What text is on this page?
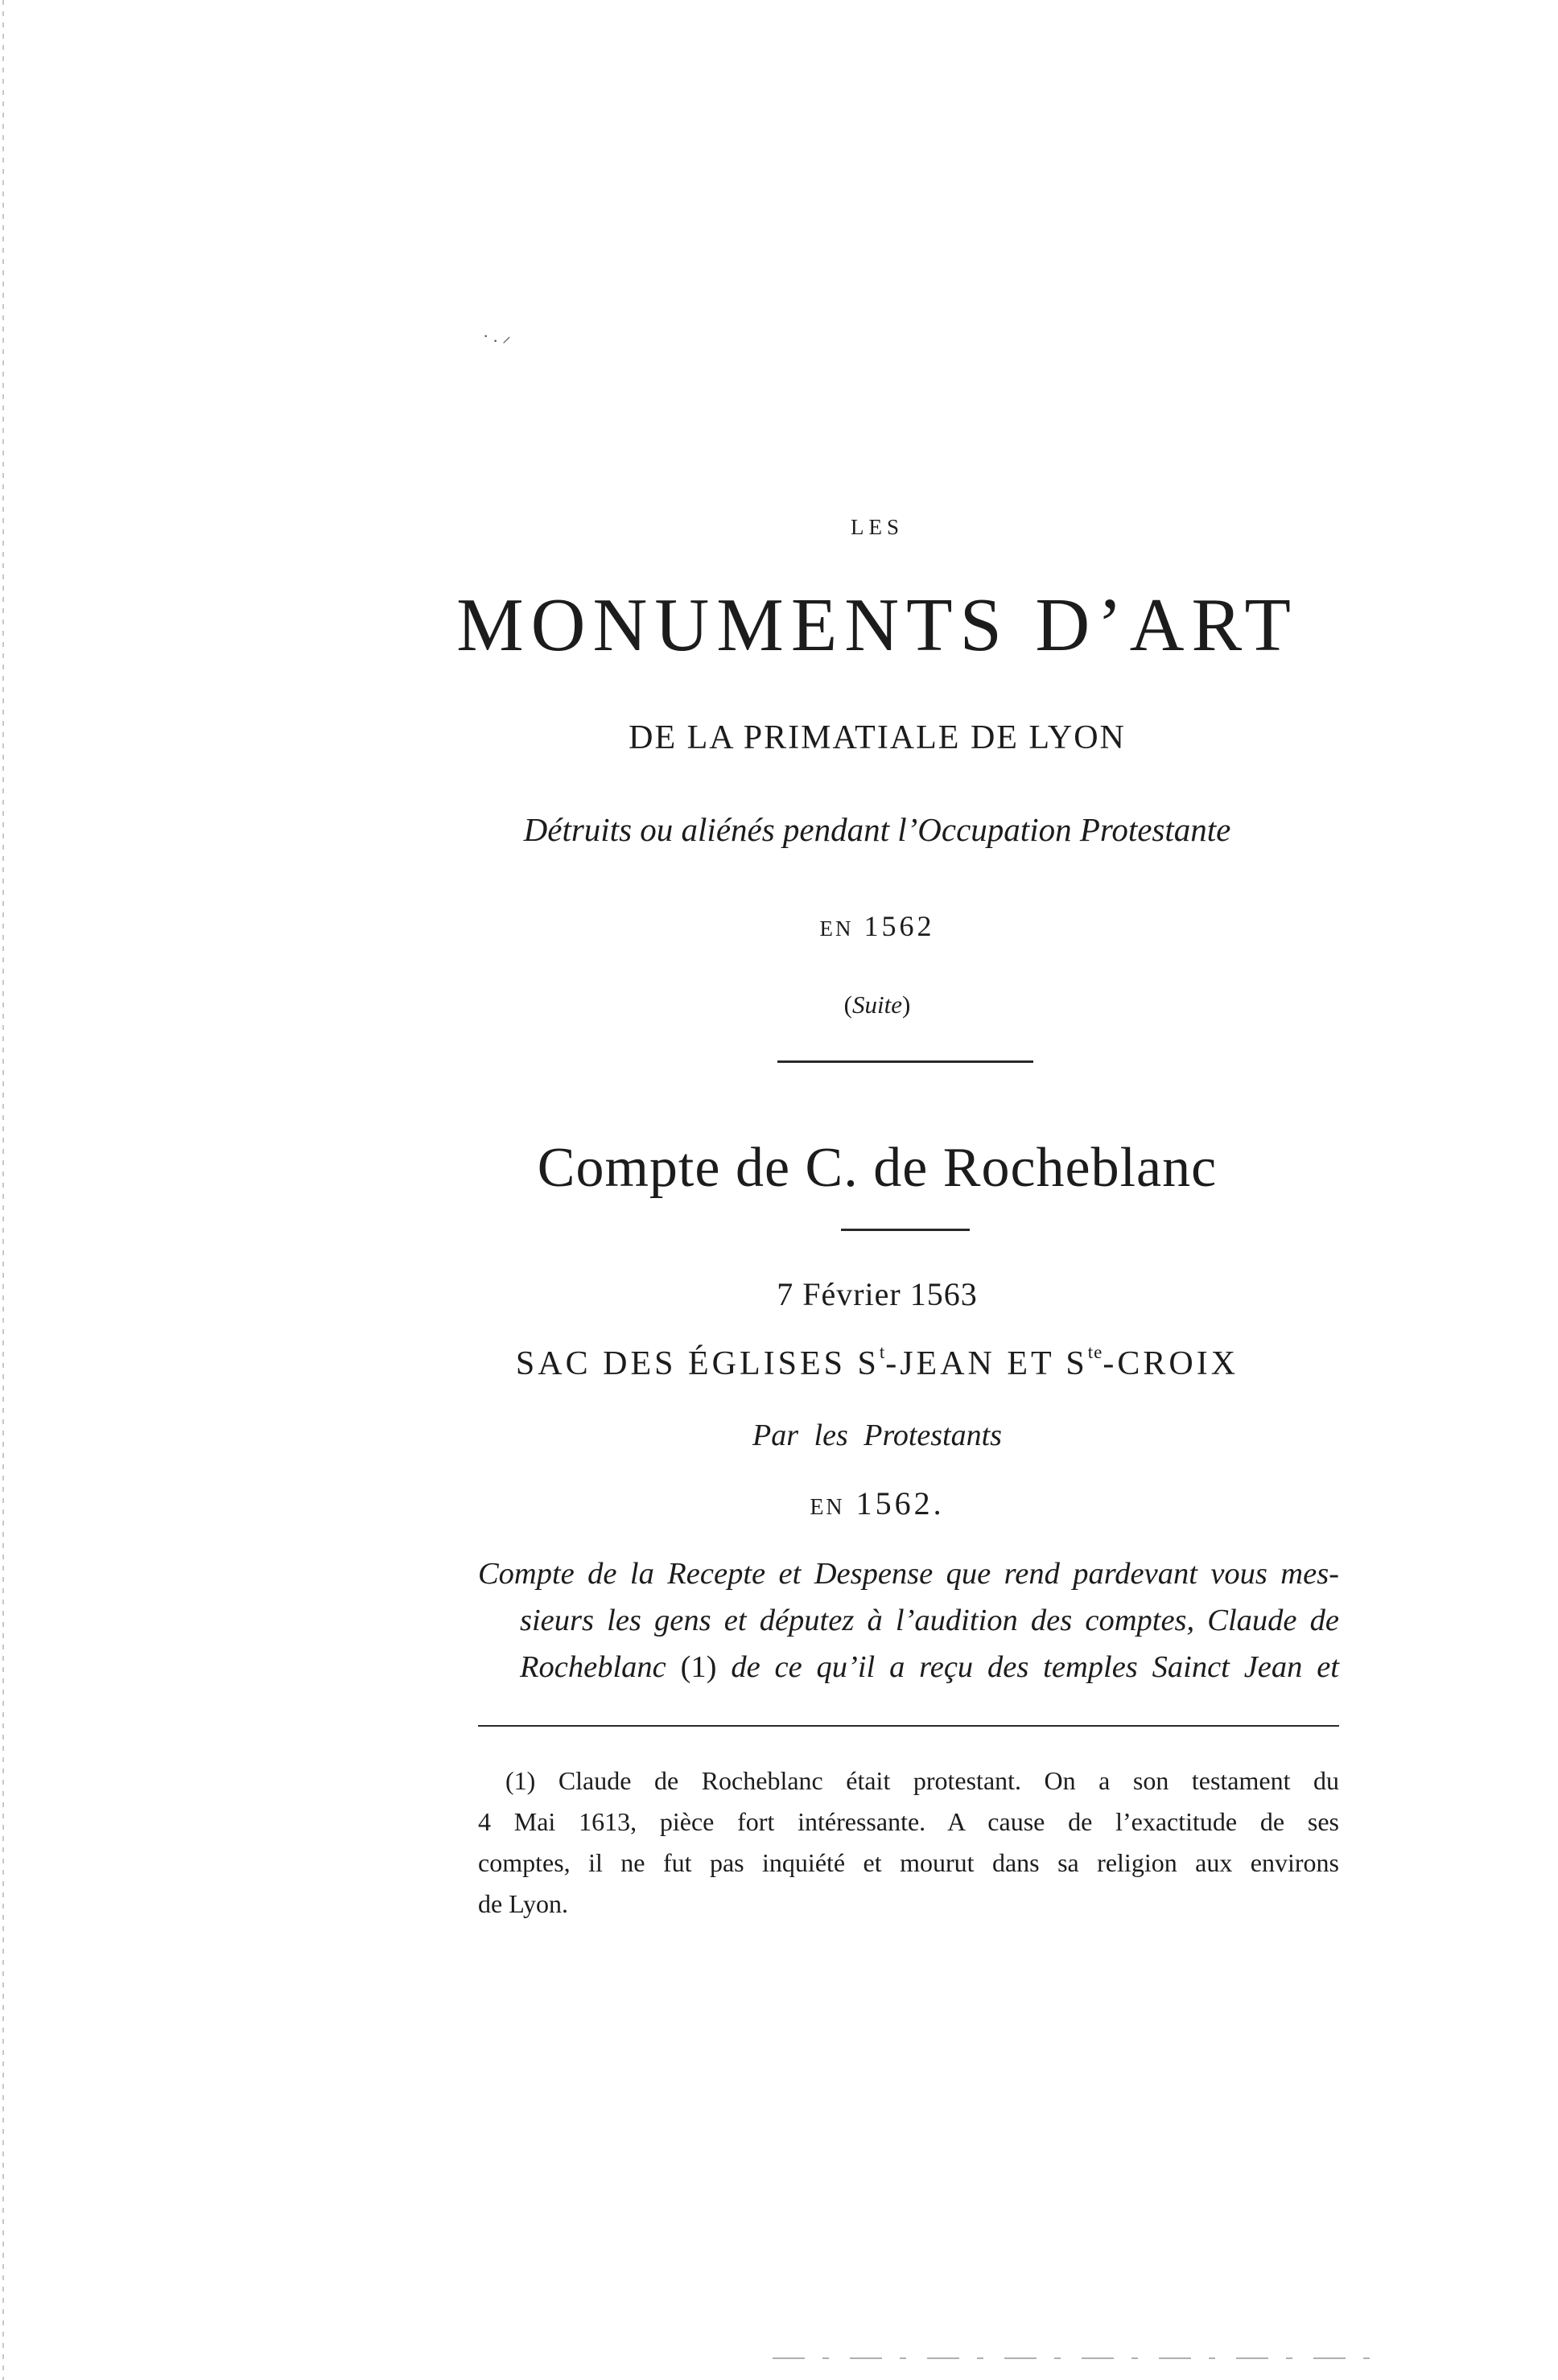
· . ⸝
LES
MONUMENTS D’ART
DE LA PRIMATIALE DE LYON
Détruits ou aliénés pendant l’Occupation Protestante
EN 1562
(Suite)
Compte de C. de Rocheblanc
7 Février 1563
SAC DES ÉGLISES $S^t$-JEAN ET $S^{te}$-CROIX
Par les Protestants
EN 1562.
Compte de la Recepte et Despense que rend pardevant vous mes-
sieurs les gens et députez à l’audition des comptes, Claude de
Rocheblanc (1) de ce qu’il a reçu des temples Sainct Jean et
(1) Claude de Rocheblanc était protestant. On a son testament du
4 Mai 1613, pièce fort intéressante. A cause de l’exactitude de ses
comptes, il ne fut pas inquiété et mourut dans sa religion aux environs
de Lyon.
